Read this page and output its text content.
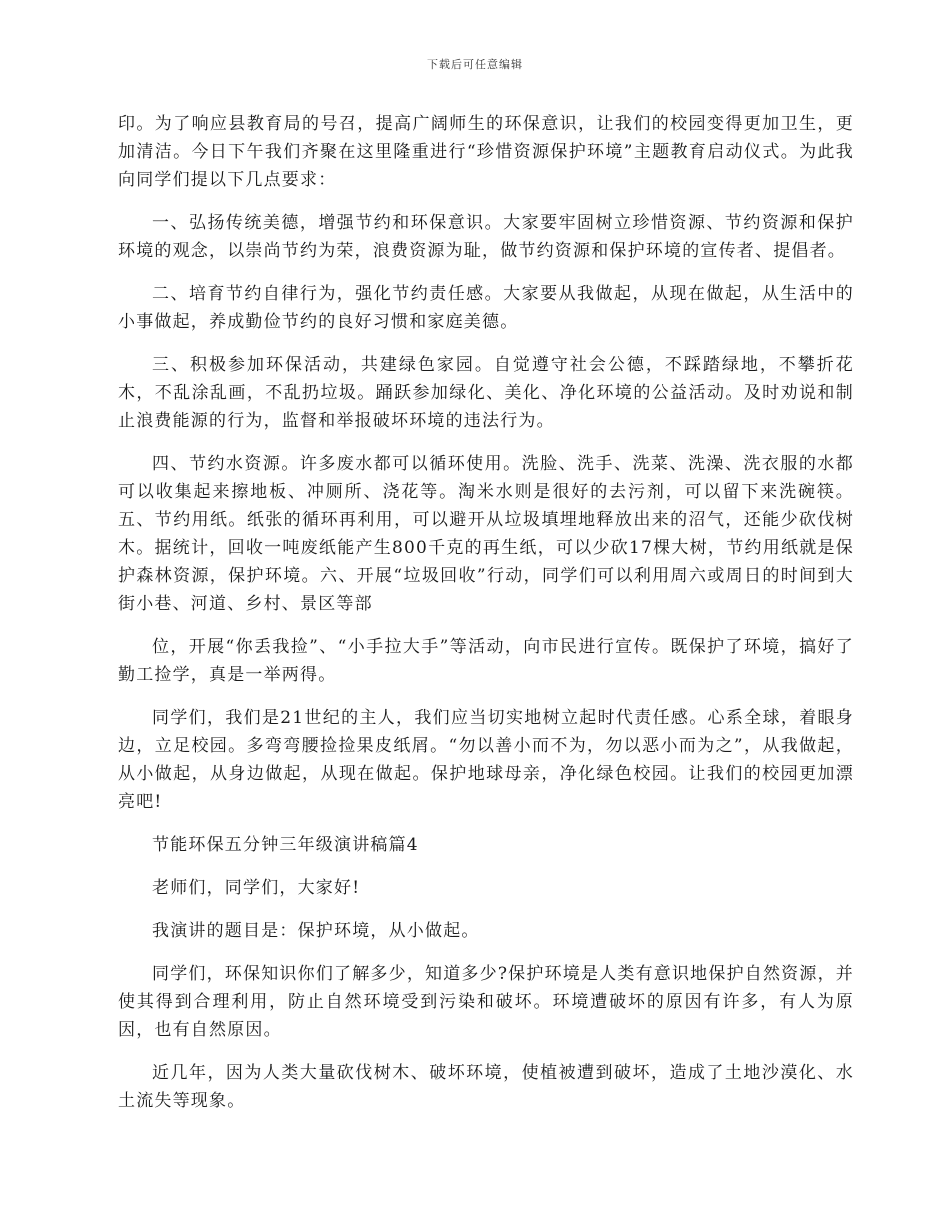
下载后可任意编辑

印。为了响应县教育局的号召，提高广阔师生的环保意识，让我们的校园变得更加卫生，更加清洁。今日下午我们齐聚在这里隆重进行“珍惜资源保护环境”主题教育启动仪式。为此我向同学们提以下几点要求：

一、弘扬传统美德，增强节约和环保意识。大家要牢固树立珍惜资源、节约资源和保护环境的观念，以崇尚节约为荣，浪费资源为耻，做节约资源和保护环境的宣传者、提倡者。

二、培育节约自律行为，强化节约责任感。大家要从我做起，从现在做起，从生活中的小事做起，养成勤俭节约的良好习惯和家庭美德。

三、积极参加环保活动，共建绿色家园。自觉遵守社会公德，不踩踏绿地，不攀折花木，不乱涂乱画，不乱扔垃圾。踊跃参加绿化、美化、净化环境的公益活动。及时劝说和制止浪费能源的行为，监督和举报破坏环境的违法行为。

四、节约水资源。许多废水都可以循环使用。洗脸、洗手、洗菜、洗澡、洗衣服的水都可以收集起来擦地板、冲厕所、浇花等。淘米水则是很好的去污剂，可以留下来洗碗筷。五、节约用纸。纸张的循环再利用，可以避开从垃圾填埋地释放出来的沼气，还能少砍伐树木。据统计，回收一吨废纸能产生800千克的再生纸，可以少砍17棵大树，节约用纸就是保护森林资源，保护环境。六、开展“垃圾回收”行动，同学们可以利用周六或周日的时间到大街小巷、河道、乡村、景区等部

位，开展“你丢我捡”、“小手拉大手”等活动，向市民进行宣传。既保护了环境，搞好了勤工捡学，真是一举两得。

同学们，我们是21世纪的主人，我们应当切实地树立起时代责任感。心系全球，着眼身边，立足校园。多弯弯腰捡捡果皮纸屑。“勿以善小而不为，勿以恶小而为之”，从我做起，从小做起，从身边做起，从现在做起。保护地球母亲，净化绿色校园。让我们的校园更加漂亮吧!

节能环保五分钟三年级演讲稿篇4

老师们，同学们，大家好!

我演讲的题目是：保护环境，从小做起。

同学们，环保知识你们了解多少，知道多少?保护环境是人类有意识地保护自然资源，并使其得到合理利用，防止自然环境受到污染和破坏。环境遭破坏的原因有许多，有人为原因，也有自然原因。

近几年，因为人类大量砍伐树木、破坏环境，使植被遭到破坏，造成了土地沙漠化、水土流失等现象。
